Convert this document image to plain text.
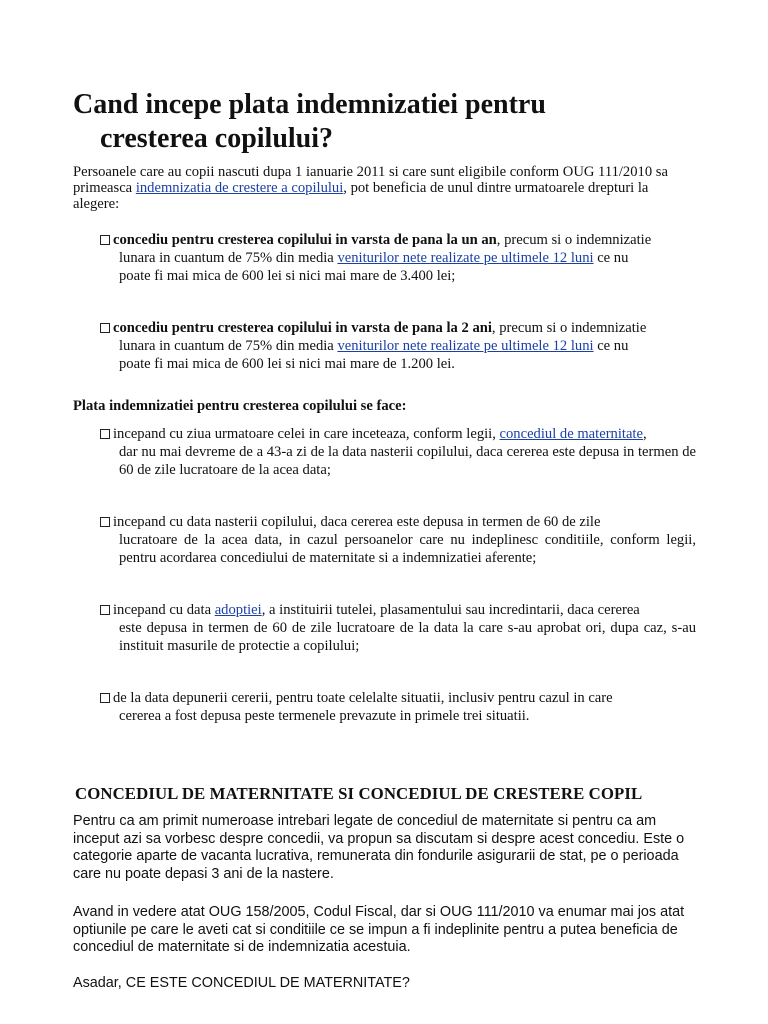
Cand incepe plata indemnizatiei pentru
cresterea copilului?

Persoanele care au copii nascuti dupa 1 ianuarie 2011 si care sunt eligibile conform OUG 111/2010 sa primeasca indemnizatia de crestere a copilului, pot beneficia de unul dintre urmatoarele drepturi la alegere:

concediu pentru cresterea copilului in varsta de pana la un an, precum si o indemnizatie
lunara in cuantum de 75% din media veniturilor nete realizate pe ultimele 12 luni ce nu
poate fi mai mica de 600 lei si nici mai mare de 3.400 lei;

concediu pentru cresterea copilului in varsta de pana la 2 ani, precum si o indemnizatie
lunara in cuantum de 75% din media veniturilor nete realizate pe ultimele 12 luni ce nu
poate fi mai mica de 600 lei si nici mai mare de 1.200 lei.

Plata indemnizatiei pentru cresterea copilului se face:

incepand cu ziua urmatoare celei in care inceteaza, conform legii, concediul de maternitate,
dar nu mai devreme de a 43-a zi de la data nasterii copilului, daca cererea este depusa in termen de 60 de zile lucratoare de la acea data;

incepand cu data nasterii copilului, daca cererea este depusa in termen de 60 de zile
lucratoare de la acea data, in cazul persoanelor care nu indeplinesc conditiile, conform legii, pentru acordarea concediului de maternitate si a indemnizatiei aferente;

incepand cu data adoptiei, a instituirii tutelei, plasamentului sau incredintarii, daca cererea
este depusa in termen de 60 de zile lucratoare de la data la care s-au aprobat ori, dupa caz, s-au instituit masurile de protectie a copilului;

de la data depunerii cererii, pentru toate celelalte situatii, inclusiv pentru cazul in care
cererea a fost depusa peste termenele prevazute in primele trei situatii.

CONCEDIUL DE MATERNITATE SI CONCEDIUL DE CRESTERE COPIL

Pentru ca am primit numeroase intrebari legate de concediul de maternitate si pentru ca am inceput azi sa vorbesc despre concedii, va propun sa discutam si despre acest concediu. Este o categorie aparte de vacanta lucrativa, remunerata din fondurile asigurarii de stat, pe o perioada care nu poate depasi 3 ani de la nastere.

Avand in vedere atat OUG 158/2005, Codul Fiscal, dar si OUG 111/2010 va enumar mai jos atat optiunile pe care le aveti cat si conditiile ce se impun a fi indeplinite pentru a putea beneficia de concediul de maternitate si de indemnizatia acestuia.

Asadar, CE ESTE CONCEDIUL DE MATERNITATE?
